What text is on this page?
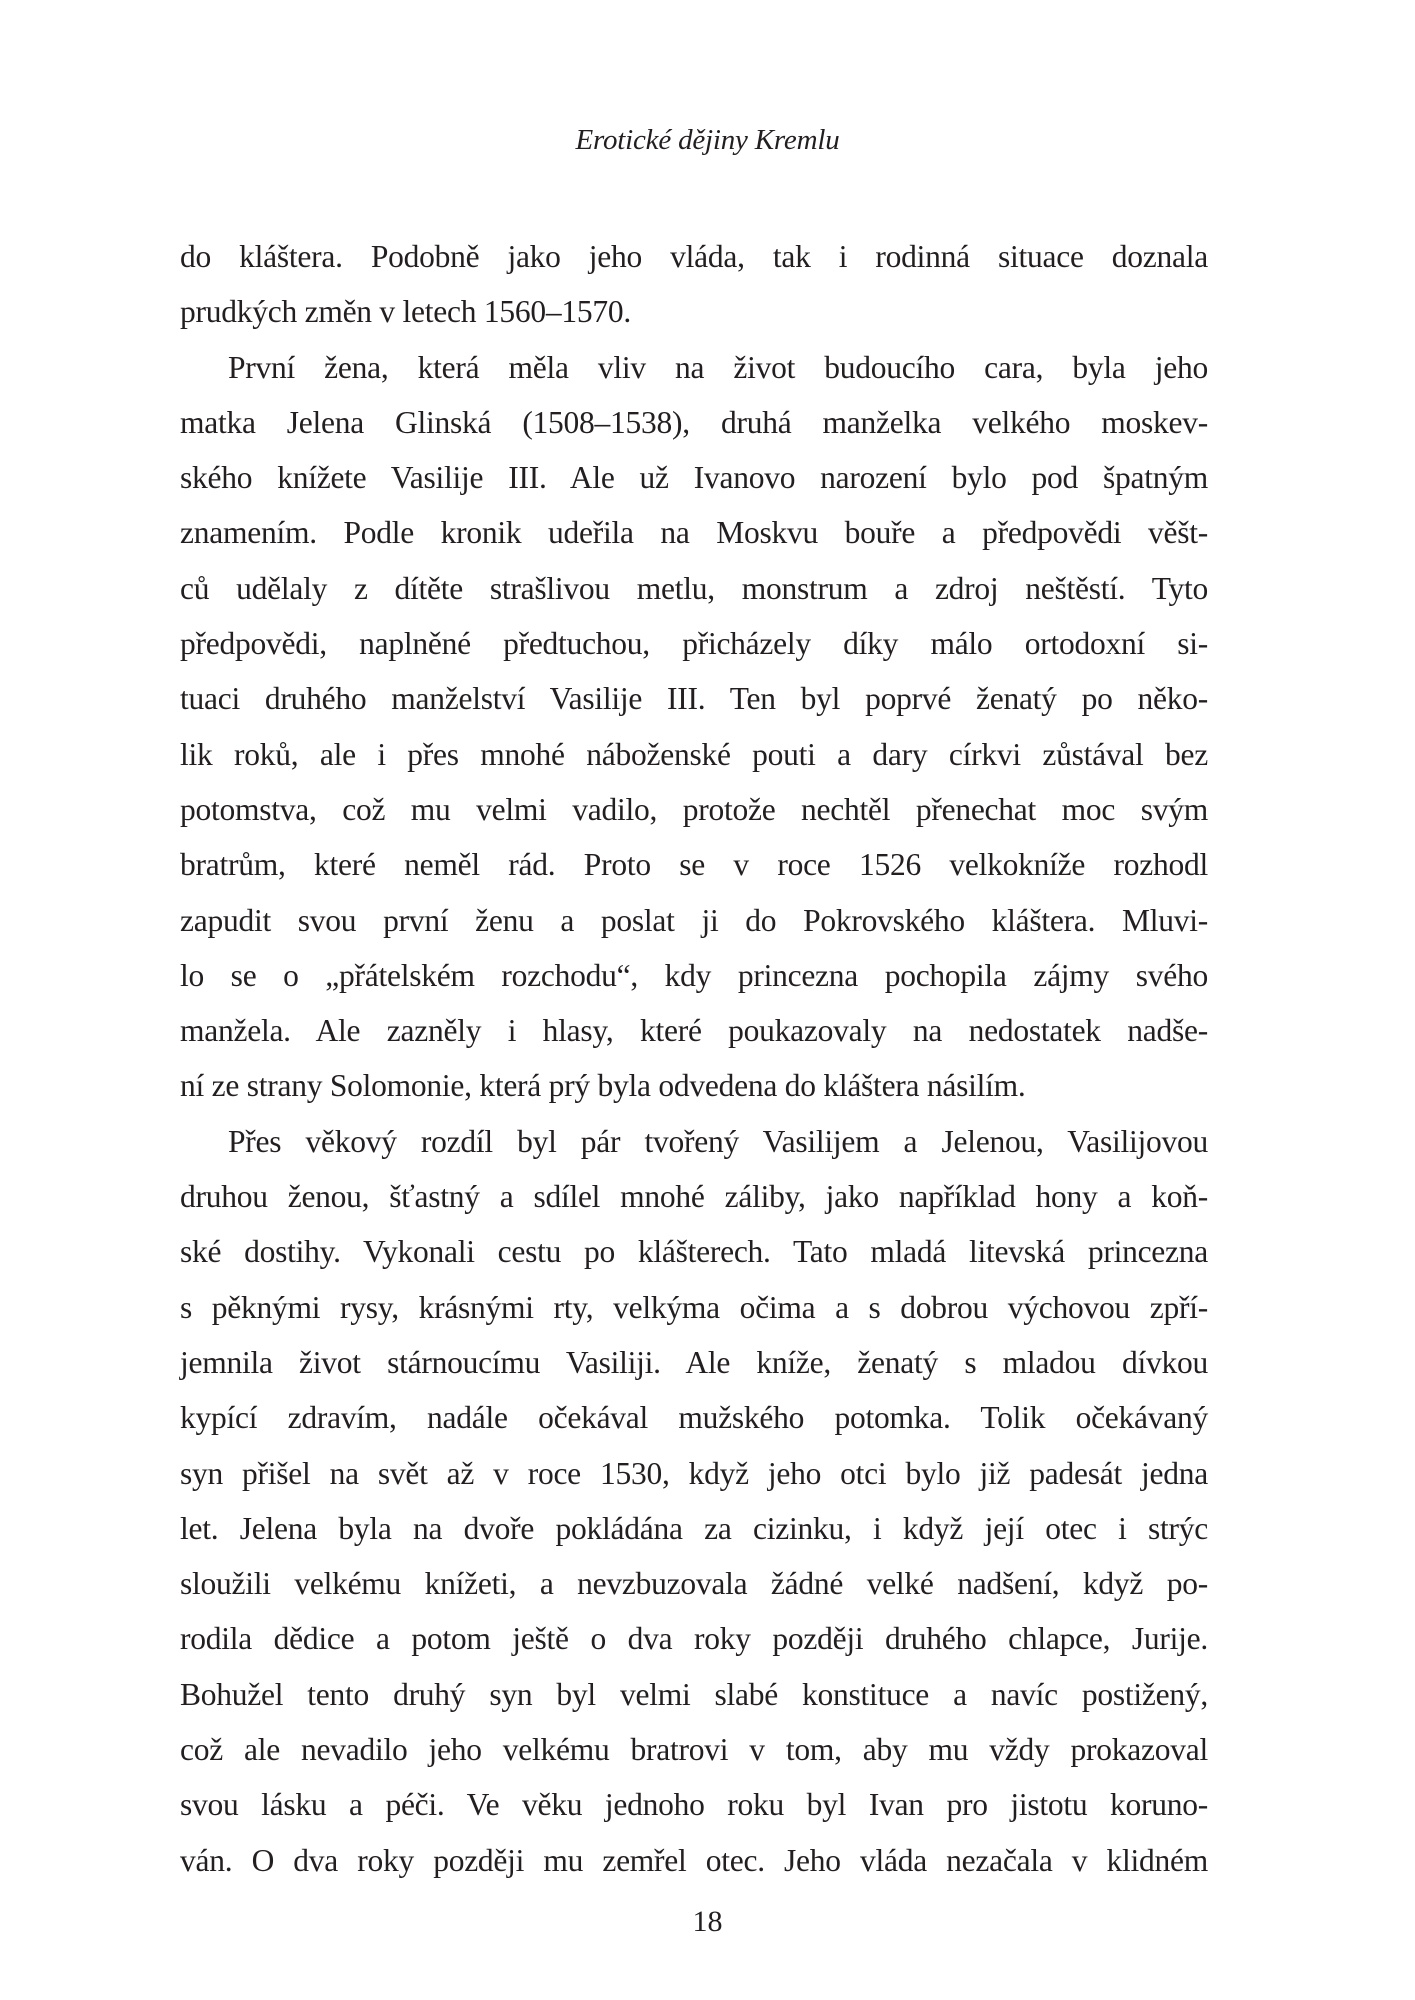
Erotické dějiny Kremlu
do kláštera. Podobně jako jeho vláda, tak i rodinná situace doznala
prudkých změn v letech 1560–1570.
První žena, která měla vliv na život budoucího cara, byla jeho
matka Jelena Glinská (1508–1538), druhá manželka velkého moskev-
ského knížete Vasilije III. Ale už Ivanovo narození bylo pod špatným
znamením. Podle kronik udeřila na Moskvu bouře a předpovědi věšt-
ců udělaly z dítěte strašlivou metlu, monstrum a zdroj neštěstí. Tyto
předpovědi, naplněné předtuchou, přicházely díky málo ortodoxní si-
tuaci druhého manželství Vasilije III. Ten byl poprvé ženatý po něko-
lik roků, ale i přes mnohé náboženské pouti a dary církvi zůstával bez
potomstva, což mu velmi vadilo, protože nechtěl přenechat moc svým
bratrům, které neměl rád. Proto se v roce 1526 velkokníže rozhodl
zapudit svou první ženu a poslat ji do Pokrovského kláštera. Mluvi-
lo se o „přátelském rozchodu“, kdy princezna pochopila zájmy svého
manžela. Ale zazněly i hlasy, které poukazovaly na nedostatek nadše-
ní ze strany Solomonie, která prý byla odvedena do kláštera násilím.
Přes věkový rozdíl byl pár tvořený Vasilijem a Jelenou, Vasilijovou
druhou ženou, šťastný a sdílel mnohé záliby, jako například hony a koň-
ské dostihy. Vykonali cestu po klášterech. Tato mladá litevská princezna
s pěknými rysy, krásnými rty, velkýma očima a s dobrou výchovou zpří-
jemnila život stárnoucímu Vasiliji. Ale kníže, ženatý s mladou dívkou
kypící zdravím, nadále očekával mužského potomka. Tolik očekávaný
syn přišel na svět až v roce 1530, když jeho otci bylo již padesát jedna
let. Jelena byla na dvoře pokládána za cizinku, i když její otec i strýc
sloužili velkému knížeti, a nevzbuzovala žádné velké nadšení, když po-
rodila dědice a potom ještě o dva roky později druhého chlapce, Jurije.
Bohužel tento druhý syn byl velmi slabé konstituce a navíc postižený,
což ale nevadilo jeho velkému bratrovi v tom, aby mu vždy prokazoval
svou lásku a péči. Ve věku jednoho roku byl Ivan pro jistotu koruno-
ván. O dva roky později mu zemřel otec. Jeho vláda nezačala v klidném
18
